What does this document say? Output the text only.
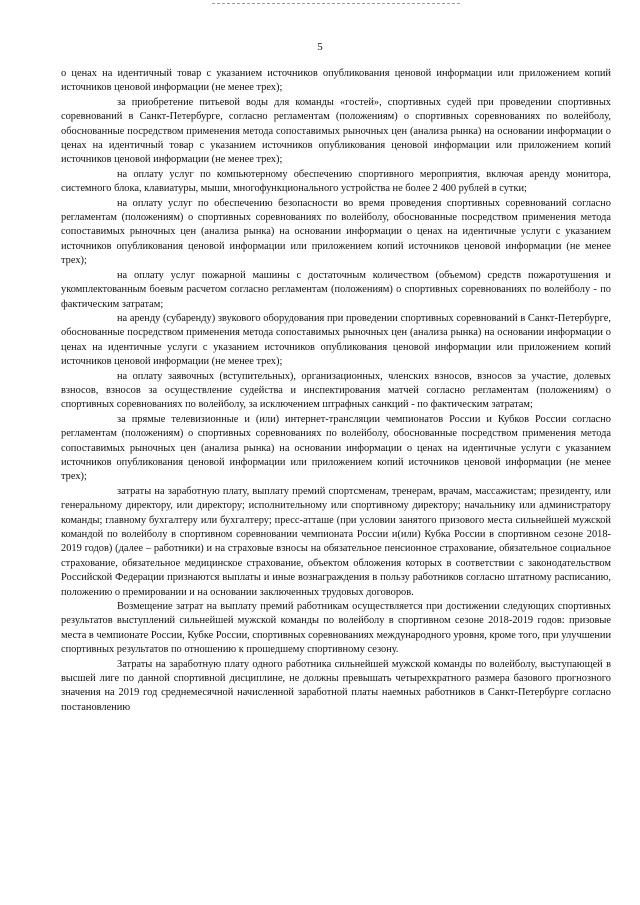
5

о ценах на идентичный товар с указанием источников опубликования ценовой информации или приложением копий источников ценовой информации (не менее трех);

за приобретение питьевой воды для команды «гостей», спортивных судей при проведении спортивных соревнований в Санкт-Петербурге, согласно регламентам (положениям) о спортивных соревнованиях по волейболу, обоснованные посредством применения метода сопоставимых рыночных цен (анализа рынка) на основании информации о ценах на идентичный товар с указанием источников опубликования ценовой информации или приложением копий источников ценовой информации (не менее трех);

на оплату услуг по компьютерному обеспечению спортивного мероприятия, включая аренду монитора, системного блока, клавиатуры, мыши, многофункционального устройства не более 2 400 рублей в сутки;

на оплату услуг по обеспечению безопасности во время проведения спортивных соревнований согласно регламентам (положениям) о спортивных соревнованиях по волейболу, обоснованные посредством применения метода сопоставимых рыночных цен (анализа рынка) на основании информации о ценах на идентичные услуги с указанием источников опубликования ценовой информации или приложением копий источников ценовой информации (не менее трех);

на оплату услуг пожарной машины с достаточным количеством (объемом) средств пожаротушения и укомплектованным боевым расчетом согласно регламентам (положениям) о спортивных соревнованиях по волейболу - по фактическим затратам;

на аренду (субаренду) звукового оборудования при проведении спортивных соревнований в Санкт-Петербурге, обоснованные посредством применения метода сопоставимых рыночных цен (анализа рынка) на основании информации о ценах на идентичные услуги с указанием источников опубликования ценовой информации или приложением копий источников ценовой информации (не менее трех);

на оплату заявочных (вступительных), организационных, членских взносов, взносов за участие, долевых взносов, взносов за осуществление судейства и инспектирования матчей согласно регламентам (положениям) о спортивных соревнованиях по волейболу, за исключением штрафных санкций - по фактическим затратам;

за прямые телевизионные и (или) интернет-трансляции чемпионатов России и Кубков России согласно регламентам (положениям) о спортивных соревнованиях по волейболу, обоснованные посредством применения метода сопоставимых рыночных цен (анализа рынка) на основании информации о ценах на идентичные услуги с указанием источников опубликования ценовой информации или приложением копий источников ценовой информации (не менее трех);

затраты на заработную плату, выплату премий спортсменам, тренерам, врачам, массажистам; президенту, или генеральному директору, или директору; исполнительному или спортивному директору; начальнику или администратору команды; главному бухгалтеру или бухгалтеру; пресс-атташе (при условии занятого призового места сильнейшей мужской командой по волейболу в спортивном соревновании чемпионата России и(или) Кубка России в спортивном сезоне 2018-2019 годов) (далее – работники) и на страховые взносы на обязательное пенсионное страхование, обязательное социальное страхование, обязательное медицинское страхование, объектом обложения которых в соответствии с законодательством Российской Федерации признаются выплаты и иные вознаграждения в пользу работников согласно штатному расписанию, положению о премировании и на основании заключенных трудовых договоров.

Возмещение затрат на выплату премий работникам осуществляется при достижении следующих спортивных результатов выступлений сильнейшей мужской команды по волейболу в спортивном сезоне 2018-2019 годов: призовые места в чемпионате России, Кубке России, спортивных соревнованиях международного уровня, кроме того, при улучшении спортивных результатов по отношению к прошедшему спортивному сезону.

Затраты на заработную плату одного работника сильнейшей мужской команды по волейболу, выступающей в высшей лиге по данной спортивной дисциплине, не должны превышать четырехкратного размера базового прогнозного значения на 2019 год среднемесячной начисленной заработной платы наемных работников в Санкт-Петербурге согласно постановлению
